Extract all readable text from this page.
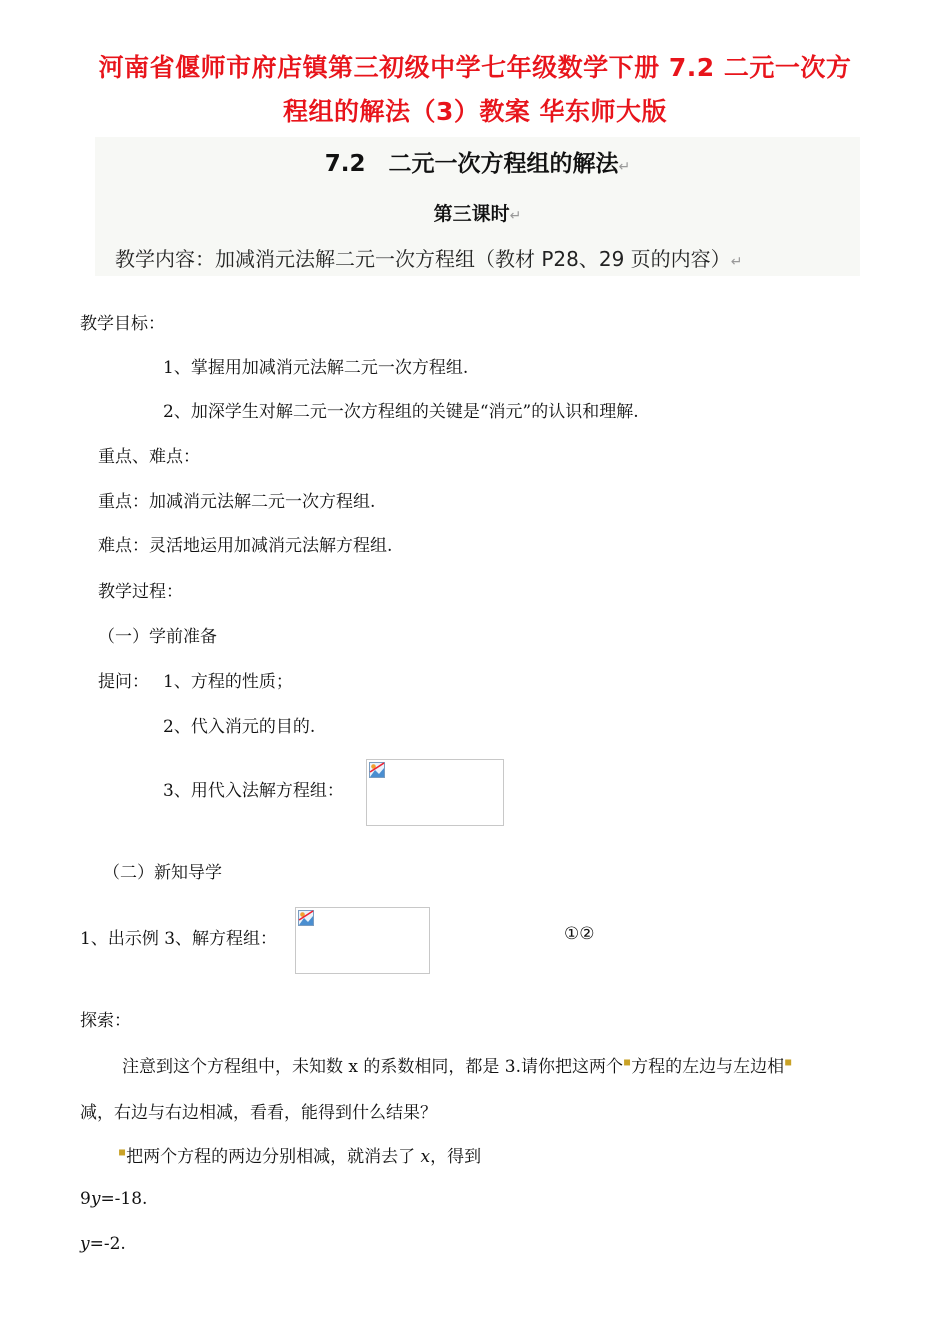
河南省偃师市府店镇第三初级中学七年级数学下册 7.2 二元一次方
程组的解法（3）教案 华东师大版
7.2　二元一次方程组的解法↵
第三课时↵
教学内容：加减消元法解二元一次方程组（教材 P28、29 页的内容）↵
教学目标：
1、掌握用加减消元法解二元一次方程组.
2、加深学生对解二元一次方程组的关键是“消元”的认识和理解.
重点、难点：
重点：加减消元法解二元一次方程组.
难点：灵活地运用加减消元法解方程组.
教学过程：
（一）学前准备
提问： 1、方程的性质；
2、代入消元的目的.
3、用代入法解方程组：
（二）新知导学
1、出示例 3、解方程组：	①②
探索：
注意到这个方程组中，未知数 x 的系数相同，都是 3.请你把这两个▪方程的左边与左边相▪
减，右边与右边相减，看看，能得到什么结果？
▪把两个方程的两边分别相减，就消去了 x，得到
9y=-18.
y=-2.
